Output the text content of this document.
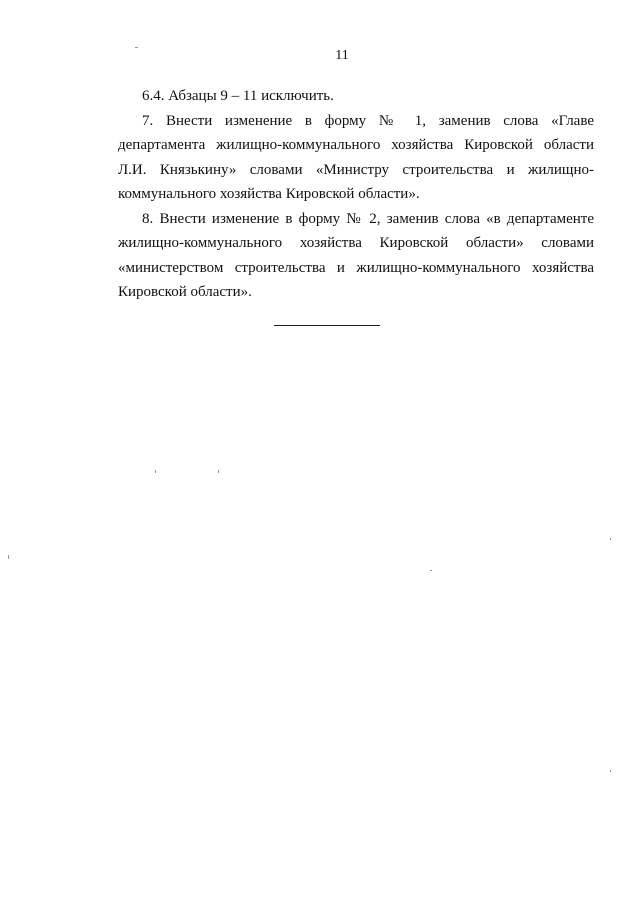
11

6.4. Абзацы 9 – 11 исключить.

7. Внести изменение в форму № 1, заменив слова «Главе департамента жилищно-коммунального хозяйства Кировской области Л.И. Князькину» словами «Министру строительства и жилищно-коммунального хозяйства Кировской области».

8. Внести изменение в форму № 2, заменив слова «в департаменте жилищно-коммунального хозяйства Кировской области» словами «министерством строительства и жилищно-коммунального хозяйства Кировской области».
